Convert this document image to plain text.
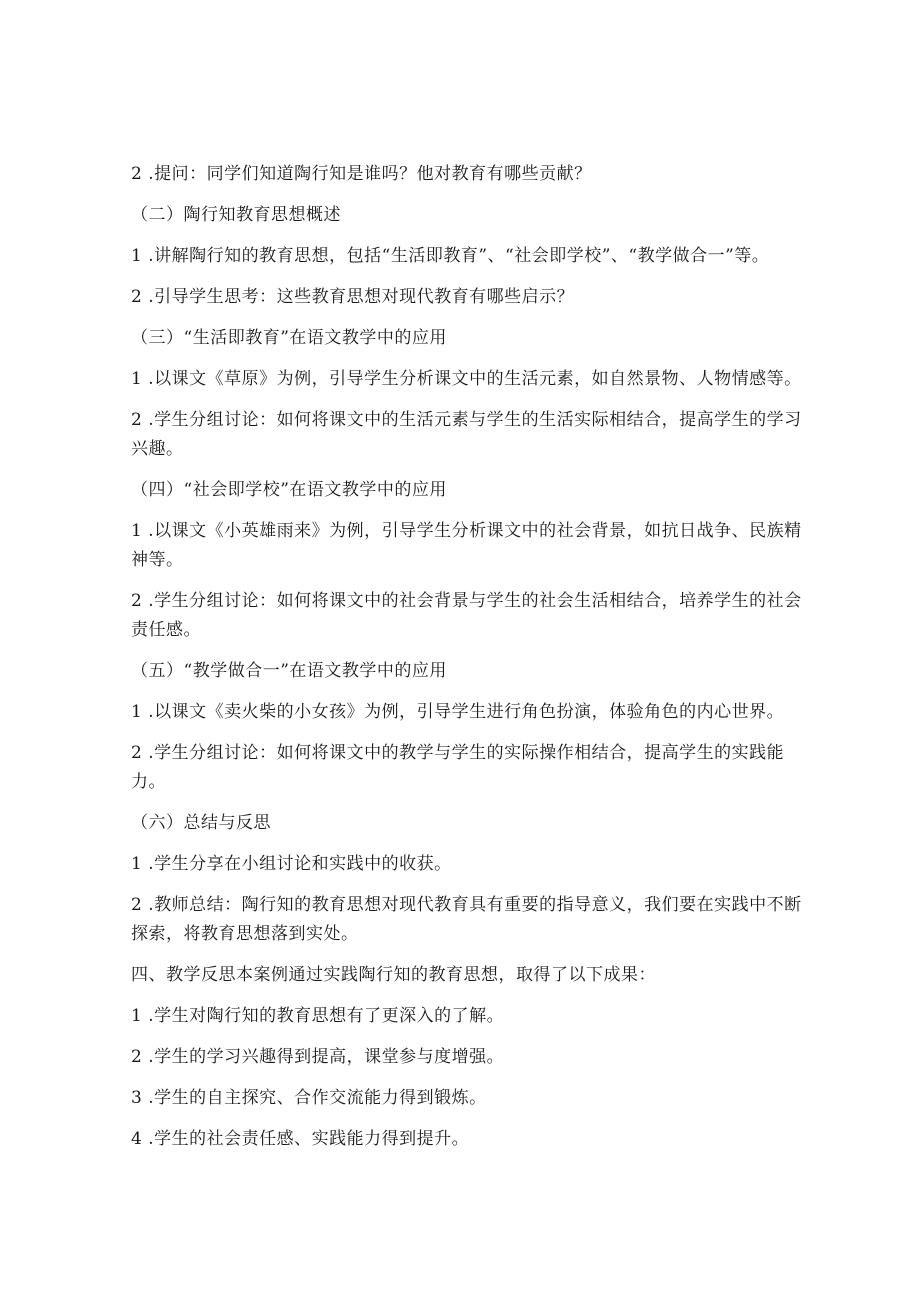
2 .提问：同学们知道陶行知是谁吗？他对教育有哪些贡献？

（二）陶行知教育思想概述

1 .讲解陶行知的教育思想，包括“生活即教育”、“社会即学校”、“教学做合一”等。

2 .引导学生思考：这些教育思想对现代教育有哪些启示？

（三）“生活即教育”在语文教学中的应用

1 .以课文《草原》为例，引导学生分析课文中的生活元素，如自然景物、人物情感等。

2 .学生分组讨论：如何将课文中的生活元素与学生的生活实际相结合，提高学生的学习兴趣。

（四）“社会即学校”在语文教学中的应用

1 .以课文《小英雄雨来》为例，引导学生分析课文中的社会背景，如抗日战争、民族精神等。

2 .学生分组讨论：如何将课文中的社会背景与学生的社会生活相结合，培养学生的社会责任感。

（五）“教学做合一”在语文教学中的应用

1 .以课文《卖火柴的小女孩》为例，引导学生进行角色扮演，体验角色的内心世界。

2 .学生分组讨论：如何将课文中的教学与学生的实际操作相结合，提高学生的实践能力。

（六）总结与反思

1 .学生分享在小组讨论和实践中的收获。

2 .教师总结：陶行知的教育思想对现代教育具有重要的指导意义，我们要在实践中不断探索，将教育思想落到实处。

四、教学反思本案例通过实践陶行知的教育思想，取得了以下成果：

1 .学生对陶行知的教育思想有了更深入的了解。

2 .学生的学习兴趣得到提高，课堂参与度增强。

3 .学生的自主探究、合作交流能力得到锻炼。

4 .学生的社会责任感、实践能力得到提升。
